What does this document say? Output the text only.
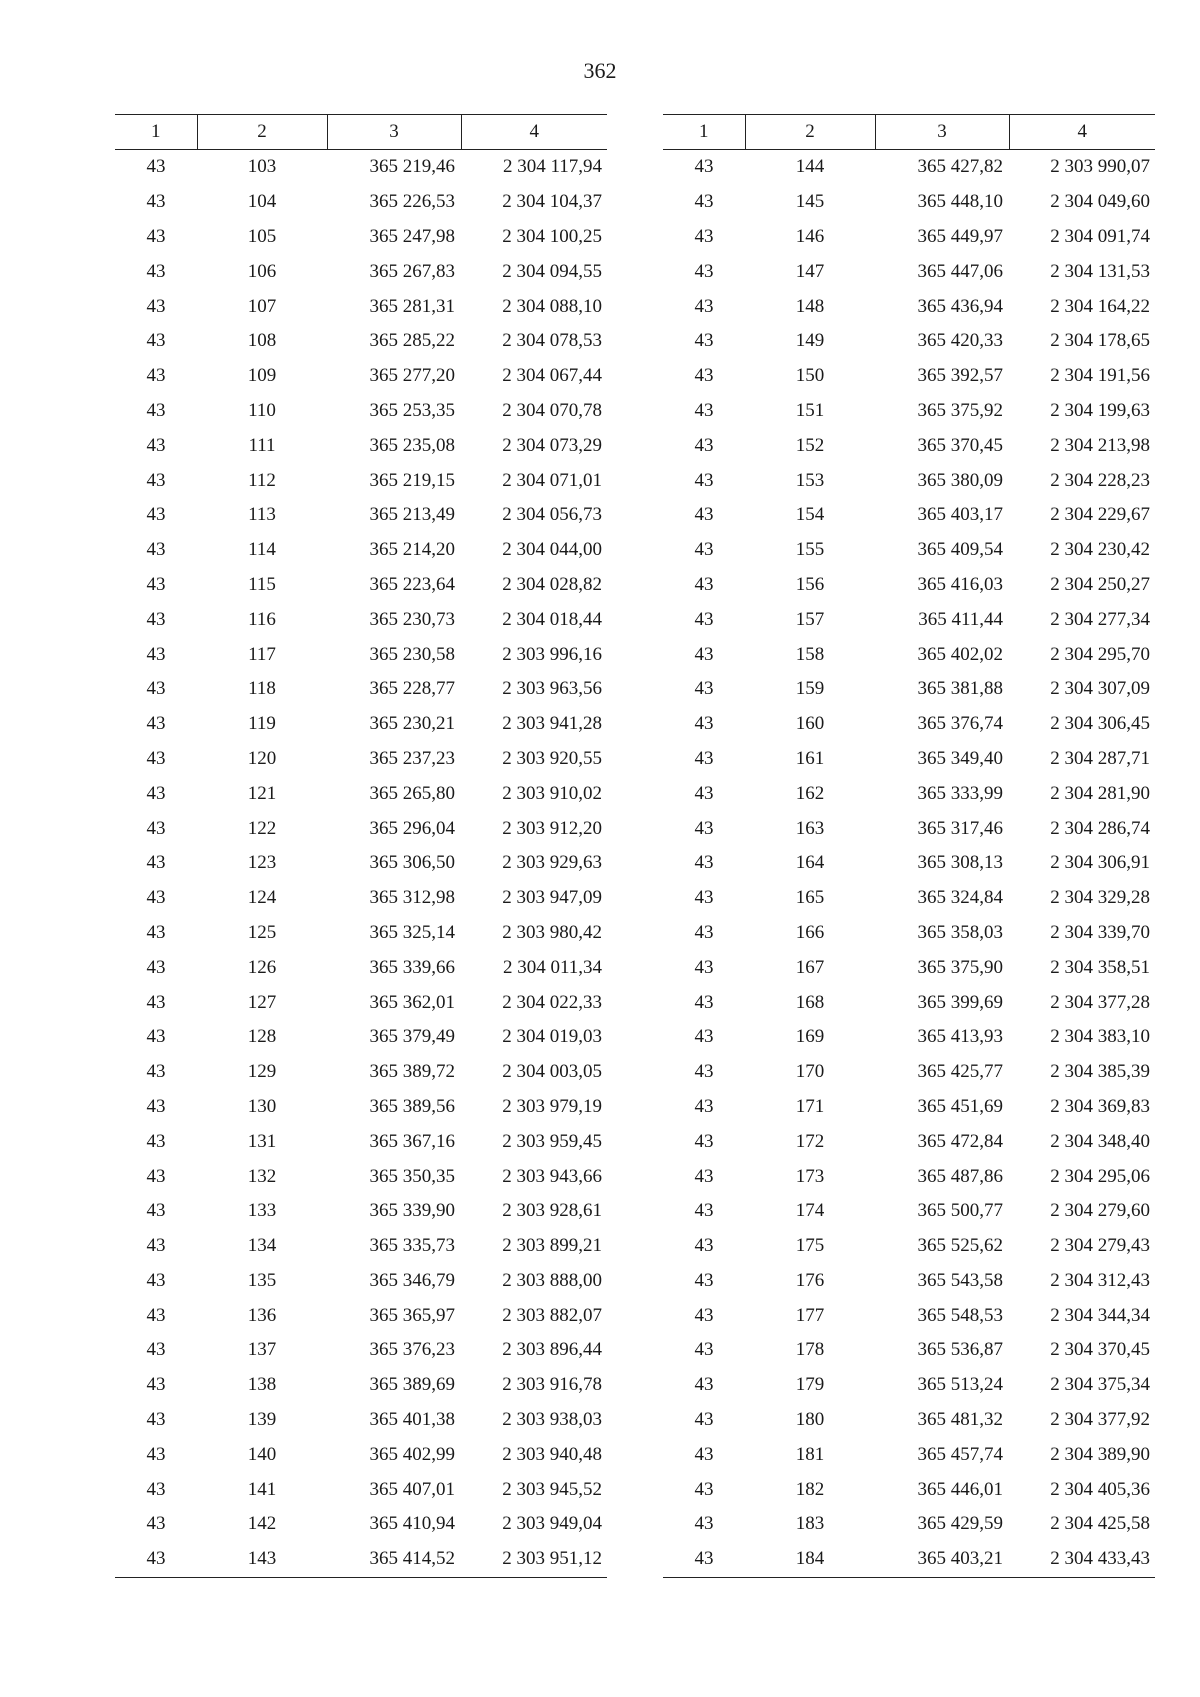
362
1	2	3	4
43	103	365 219,46	2 304 117,94
43	104	365 226,53	2 304 104,37
43	105	365 247,98	2 304 100,25
43	106	365 267,83	2 304 094,55
43	107	365 281,31	2 304 088,10
43	108	365 285,22	2 304 078,53
43	109	365 277,20	2 304 067,44
43	110	365 253,35	2 304 070,78
43	111	365 235,08	2 304 073,29
43	112	365 219,15	2 304 071,01
43	113	365 213,49	2 304 056,73
43	114	365 214,20	2 304 044,00
43	115	365 223,64	2 304 028,82
43	116	365 230,73	2 304 018,44
43	117	365 230,58	2 303 996,16
43	118	365 228,77	2 303 963,56
43	119	365 230,21	2 303 941,28
43	120	365 237,23	2 303 920,55
43	121	365 265,80	2 303 910,02
43	122	365 296,04	2 303 912,20
43	123	365 306,50	2 303 929,63
43	124	365 312,98	2 303 947,09
43	125	365 325,14	2 303 980,42
43	126	365 339,66	2 304 011,34
43	127	365 362,01	2 304 022,33
43	128	365 379,49	2 304 019,03
43	129	365 389,72	2 304 003,05
43	130	365 389,56	2 303 979,19
43	131	365 367,16	2 303 959,45
43	132	365 350,35	2 303 943,66
43	133	365 339,90	2 303 928,61
43	134	365 335,73	2 303 899,21
43	135	365 346,79	2 303 888,00
43	136	365 365,97	2 303 882,07
43	137	365 376,23	2 303 896,44
43	138	365 389,69	2 303 916,78
43	139	365 401,38	2 303 938,03
43	140	365 402,99	2 303 940,48
43	141	365 407,01	2 303 945,52
43	142	365 410,94	2 303 949,04
43	143	365 414,52	2 303 951,12
1	2	3	4
43	144	365 427,82	2 303 990,07
43	145	365 448,10	2 304 049,60
43	146	365 449,97	2 304 091,74
43	147	365 447,06	2 304 131,53
43	148	365 436,94	2 304 164,22
43	149	365 420,33	2 304 178,65
43	150	365 392,57	2 304 191,56
43	151	365 375,92	2 304 199,63
43	152	365 370,45	2 304 213,98
43	153	365 380,09	2 304 228,23
43	154	365 403,17	2 304 229,67
43	155	365 409,54	2 304 230,42
43	156	365 416,03	2 304 250,27
43	157	365 411,44	2 304 277,34
43	158	365 402,02	2 304 295,70
43	159	365 381,88	2 304 307,09
43	160	365 376,74	2 304 306,45
43	161	365 349,40	2 304 287,71
43	162	365 333,99	2 304 281,90
43	163	365 317,46	2 304 286,74
43	164	365 308,13	2 304 306,91
43	165	365 324,84	2 304 329,28
43	166	365 358,03	2 304 339,70
43	167	365 375,90	2 304 358,51
43	168	365 399,69	2 304 377,28
43	169	365 413,93	2 304 383,10
43	170	365 425,77	2 304 385,39
43	171	365 451,69	2 304 369,83
43	172	365 472,84	2 304 348,40
43	173	365 487,86	2 304 295,06
43	174	365 500,77	2 304 279,60
43	175	365 525,62	2 304 279,43
43	176	365 543,58	2 304 312,43
43	177	365 548,53	2 304 344,34
43	178	365 536,87	2 304 370,45
43	179	365 513,24	2 304 375,34
43	180	365 481,32	2 304 377,92
43	181	365 457,74	2 304 389,90
43	182	365 446,01	2 304 405,36
43	183	365 429,59	2 304 425,58
43	184	365 403,21	2 304 433,43
